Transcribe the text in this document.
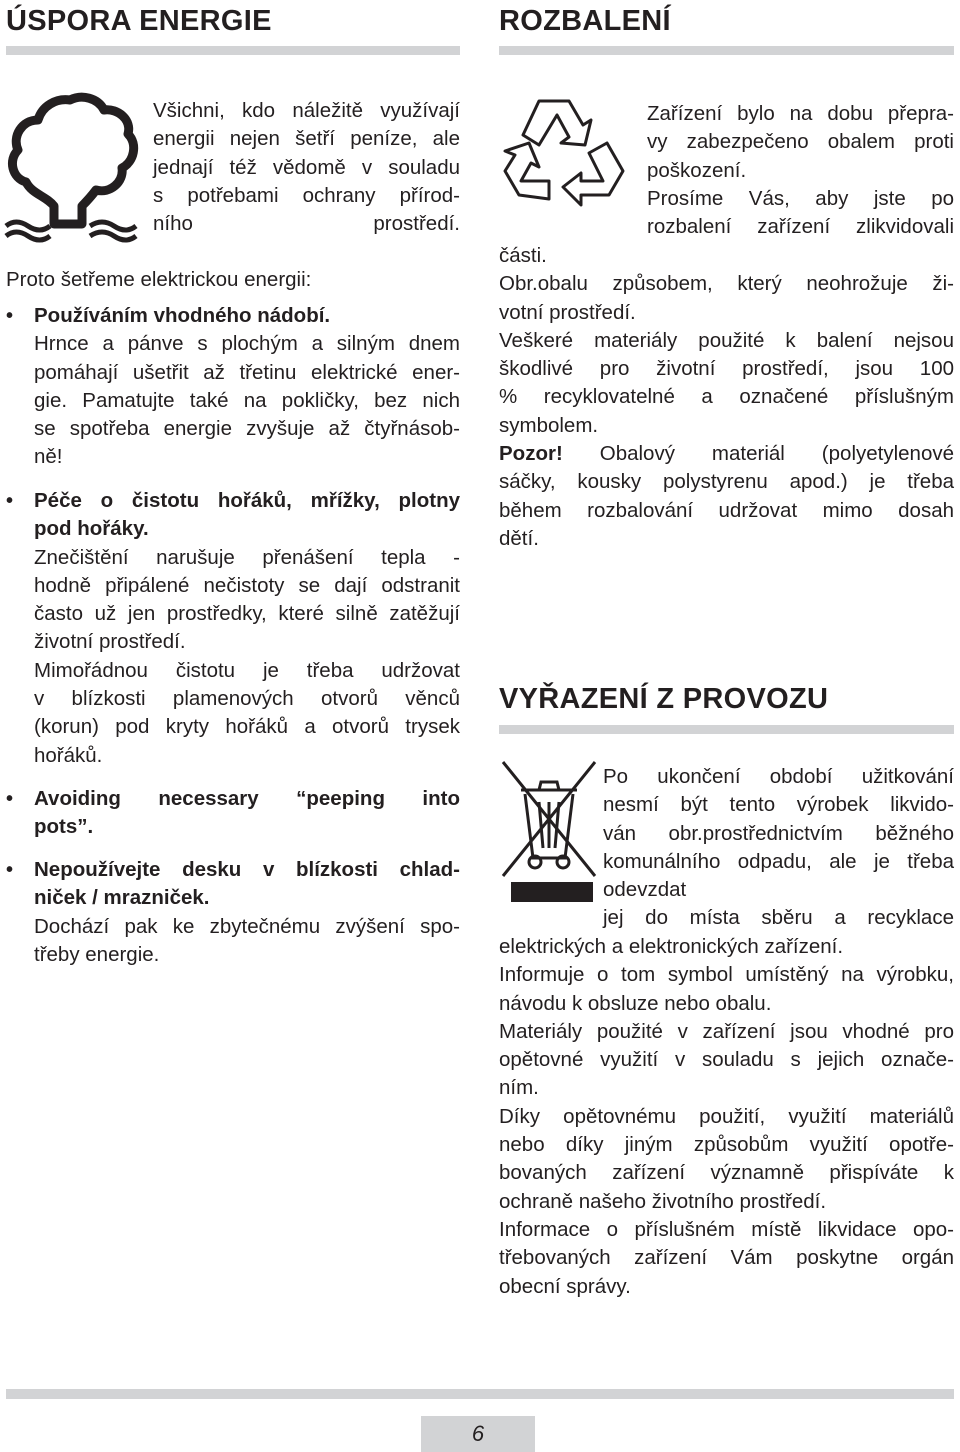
ÚSPORA ENERGIE
Všichni, kdo náležitě využívají
energii nejen šetří peníze, ale
jednají též vědomě v souladu
s potřebami ochrany přírod-
ního prostředí.
Proto šetřeme elektrickou energii:
• Používáním vhodného nádobí.
Hrnce a pánve s plochým a silným dnem
pomáhají ušetřit až třetinu elektrické ener-
gie. Pamatujte také na pokličky, bez nich
se spotřeba energie zvyšuje až čtyřnásob-
ně!
• Péče o čistotu hořáků, mřížky, plotny
pod hořáky.
Znečištění narušuje přenášení tepla -
hodně připálené nečistoty se dají odstranit
často už jen prostředky, které silně zatěžují
životní prostředí.
Mimořádnou čistotu je třeba udržovat
v blízkosti plamenových otvorů věnců
(korun) pod kryty hořáků a otvorů trysek
hořáků.
• Avoiding necessary “peeping into
pots”.
• Nepoužívejte desku v blízkosti chlad-
niček / mrazniček.
Dochází pak ke zbytečnému zvýšení spo-
třeby energie.
ROZBALENÍ
Zařízení bylo na dobu přepra-
vy zabezpečeno obalem proti
poškození.
Prosíme Vás, aby jste po
rozbalení zařízení zlikvidovali
části.
Obr.obalu způsobem, který neohrožuje ži-
votní prostředí.
Veškeré materiály použité k balení nejsou
škodlivé pro životní prostředí, jsou 100
% recyklovatelné a označené příslušným
symbolem.
Pozor! Obalový materiál (polyetylenové
sáčky, kousky polystyrenu apod.) je třeba
během rozbalování udržovat mimo dosah
dětí.
VYŘAZENÍ Z PROVOZU
Po ukončení období užitkování
nesmí být tento výrobek likvido-
ván obr.prostřednictvím běžného
komunálního odpadu, ale je třeba
odevzdat
jej do místa sběru a recyklace
elektrických a elektronických zařízení.
Informuje o tom symbol umístěný na výrobku,
návodu k obsluze nebo obalu.
Materiály použité v zařízení jsou vhodné pro
opětovné využití v souladu s jejich označe-
ním.
Díky opětovnému použití, využití materiálů
nebo díky jiným způsobům využití opotře-
bovaných zařízení významně přispíváte k
ochraně našeho životního prostředí.
Informace o příslušném místě likvidace opo-
třebovaných zařízení Vám poskytne orgán
obecní správy.
6
